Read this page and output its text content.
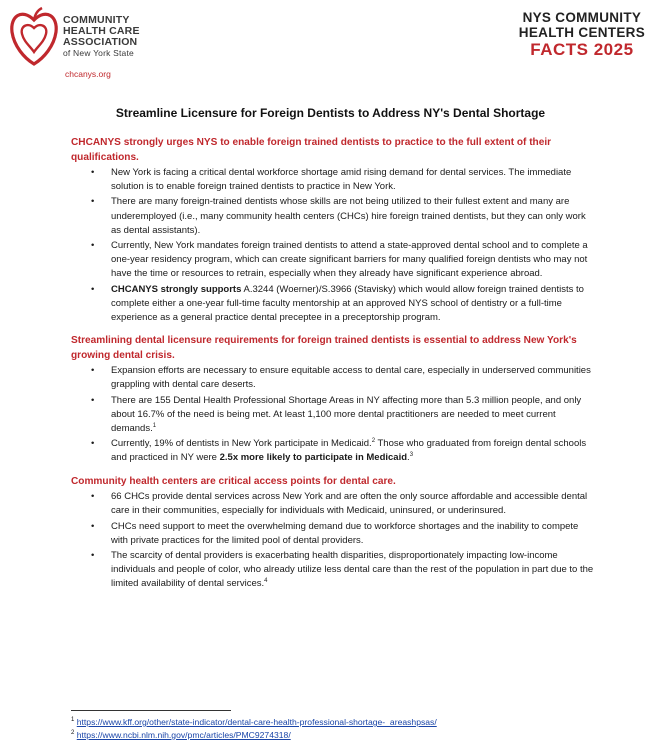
COMMUNITY
HEALTH CARE
ASSOCIATION
of New York State
chcanys.org
NYS COMMUNITY
HEALTH CENTERS
FACTS 2025
Streamline Licensure for Foreign Dentists to Address NY's Dental Shortage
CHCANYS strongly urges NYS to enable foreign trained dentists to practice to the full extent of their qualifications.
• New York is facing a critical dental workforce shortage amid rising demand for dental services. The immediate solution is to enable foreign trained dentists to practice in New York.
• There are many foreign-trained dentists whose skills are not being utilized to their fullest extent and many are underemployed (i.e., many community health centers (CHCs) hire foreign trained dentists, but they can only work as dental assistants).
• Currently, New York mandates foreign trained dentists to attend a state-approved dental school and to complete a one-year residency program, which can create significant barriers for many qualified foreign dentists who may not have the time or resources to retrain, especially when they already have significant experience abroad.
• CHCANYS strongly supports A.3244 (Woerner)/S.3966 (Stavisky) which would allow foreign trained dentists to complete either a one-year full-time faculty mentorship at an approved NYS school of dentistry or a full-time experience as a general practice dental preceptee in a preceptorship program.
Streamlining dental licensure requirements for foreign trained dentists is essential to address New York's growing dental crisis.
• Expansion efforts are necessary to ensure equitable access to dental care, especially in underserved communities grappling with dental care deserts.
• There are 155 Dental Health Professional Shortage Areas in NY affecting more than 5.3 million people, and only about 16.7% of the need is being met. At least 1,100 more dental practitioners are needed to meet current demands.$^1$
• Currently, 19% of dentists in New York participate in Medicaid.$^2$ Those who graduated from foreign dental schools and practiced in NY were 2.5x more likely to participate in Medicaid.$^3$
Community health centers are critical access points for dental care.
• 66 CHCs provide dental services across New York and are often the only source affordable and accessible dental care in their communities, especially for individuals with Medicaid, uninsured, or underinsured.
• CHCs need support to meet the overwhelming demand due to workforce shortages and the inability to compete with private practices for the limited pool of dental providers.
• The scarcity of dental providers is exacerbating health disparities, disproportionately impacting low-income individuals and people of color, who already utilize less dental care than the rest of the population in part due to the limited availability of dental services.$^4$
$^1$ https://www.kff.org/other/state-indicator/dental-care-health-professional-shortage-_areashpsas/
$^2$ https://www.ncbi.nlm.nih.gov/pmc/articles/PMC9274318/
